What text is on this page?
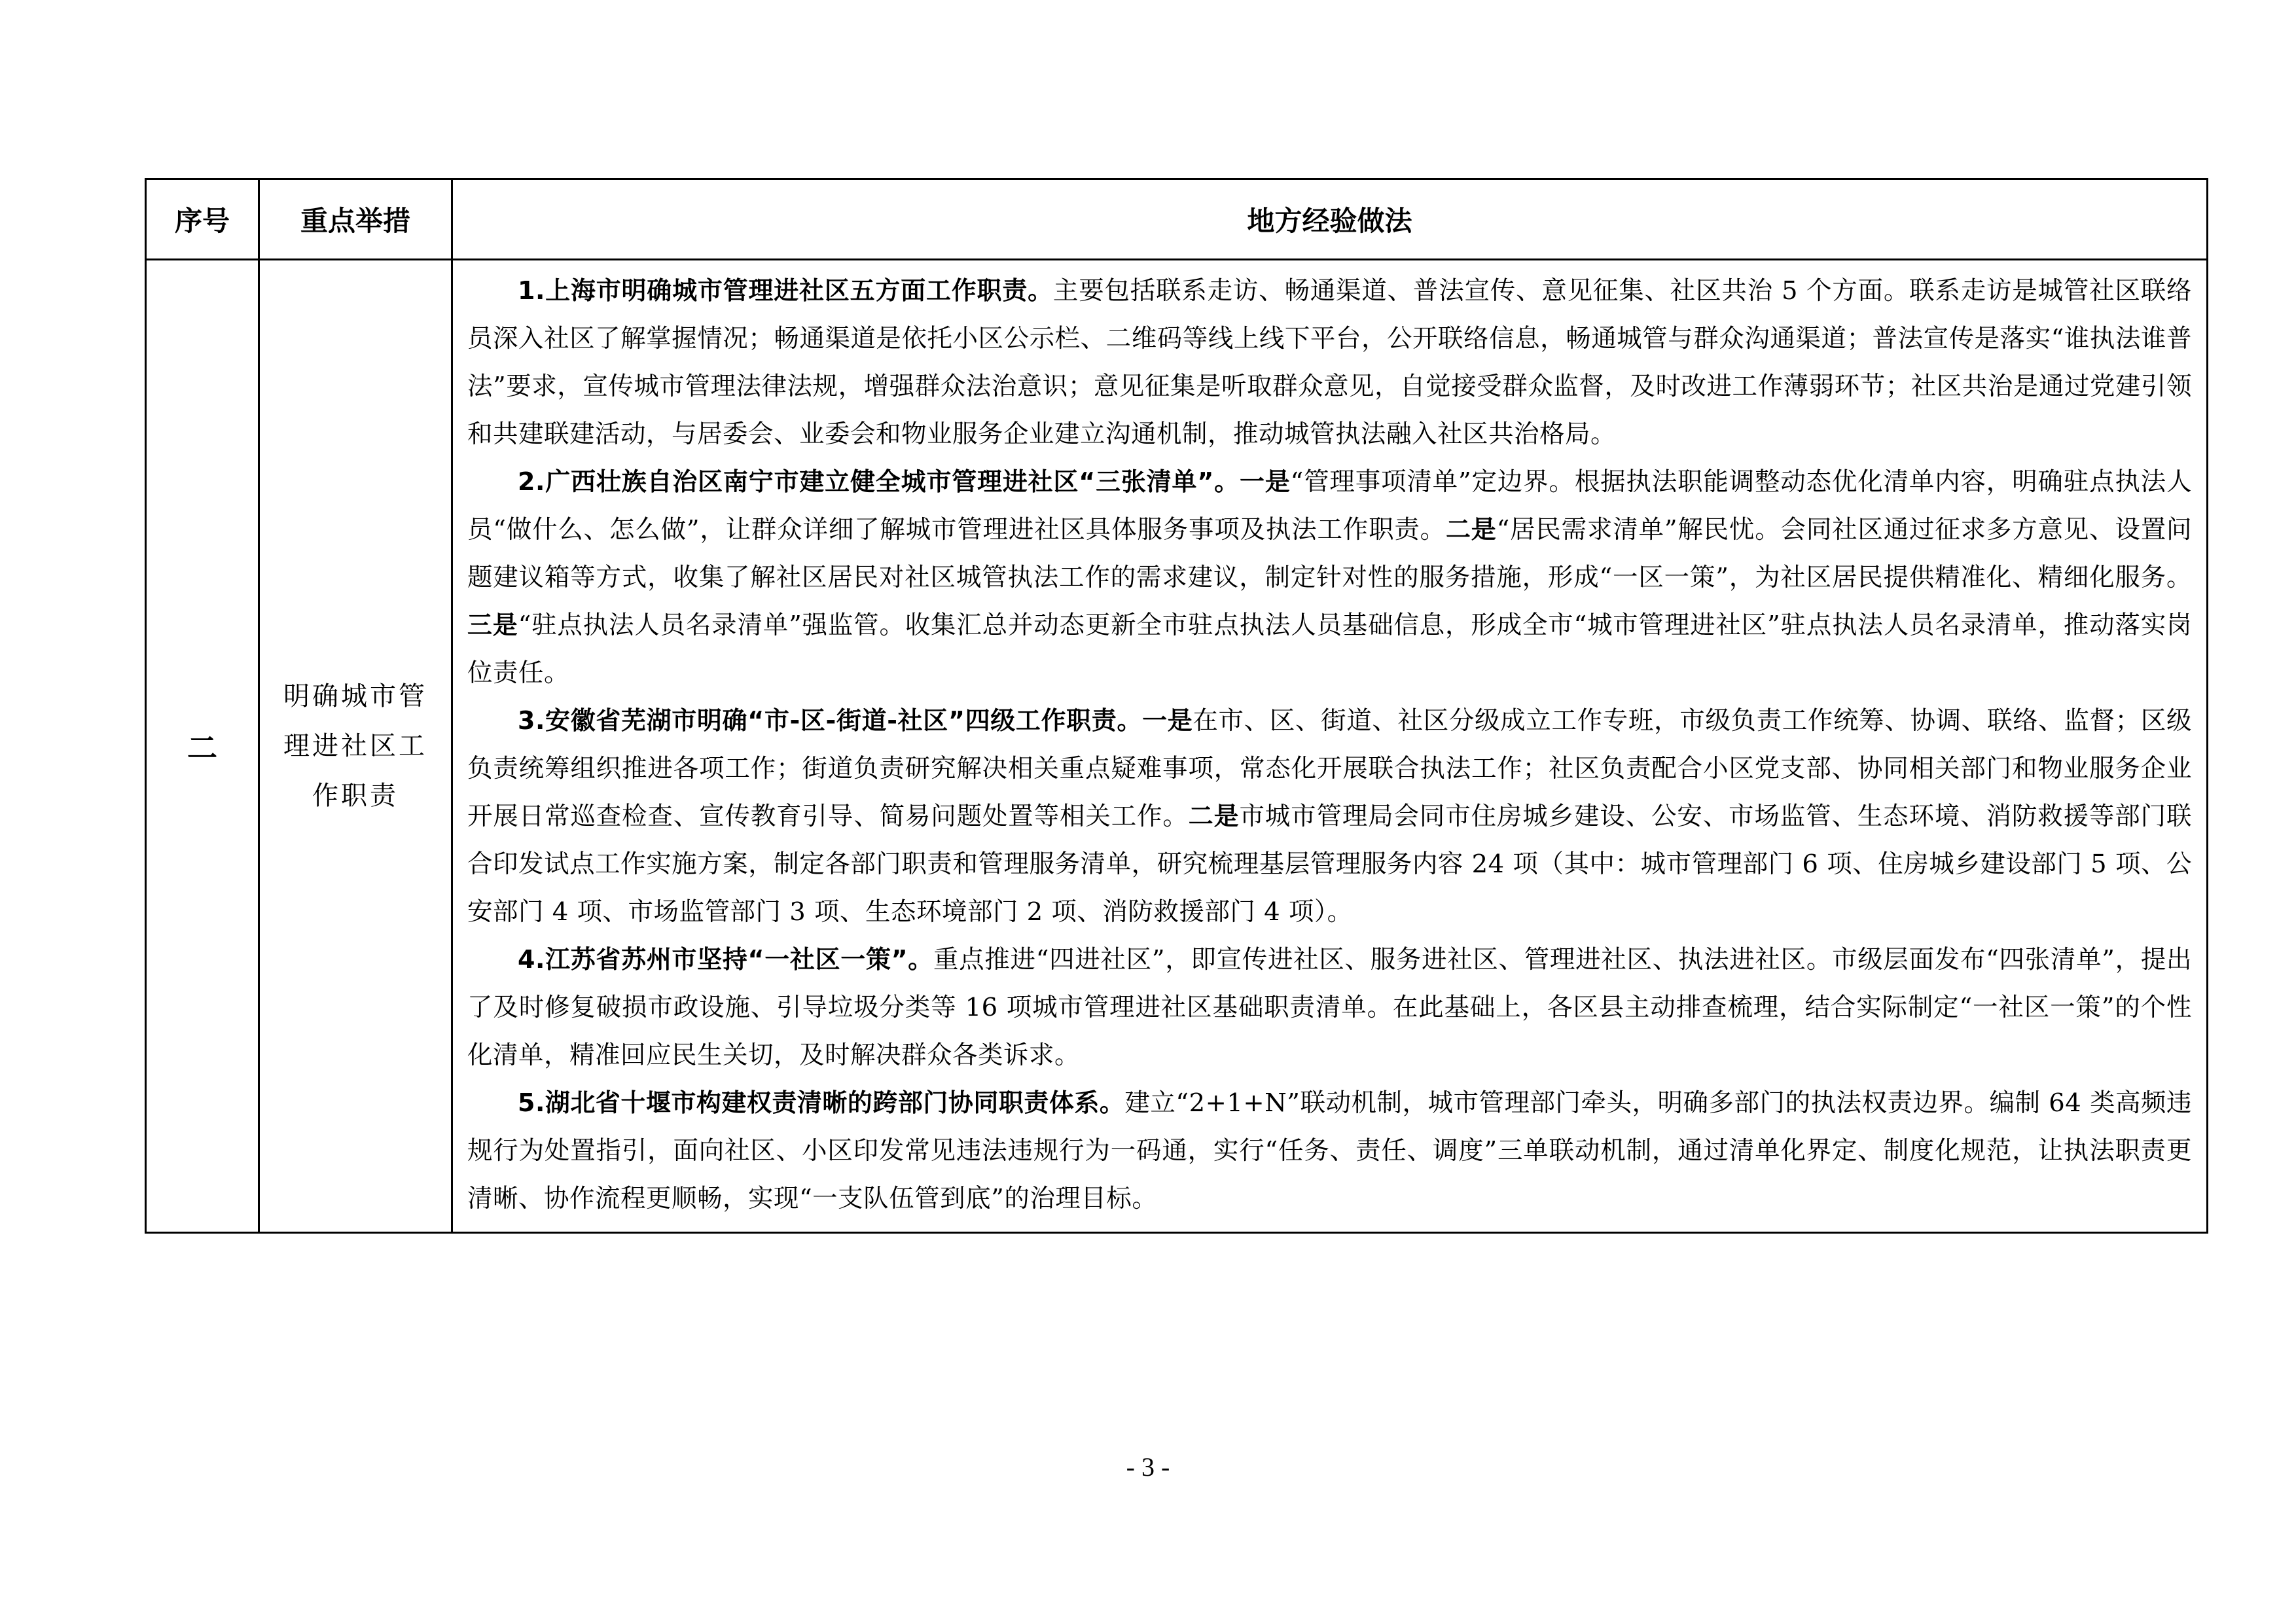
序号	重点举措	地方经验做法
二	明确城市管理进社区工作职责	1.上海市明确城市管理进社区五方面工作职责。主要包括联系走访、畅通渠道、普法宣传、意见征集、社区共治 5 个方面。联系走访是城管社区联络员深入社区了解掌握情况；畅通渠道是依托小区公示栏、二维码等线上线下平台，公开联络信息，畅通城管与群众沟通渠道；普法宣传是落实“谁执法谁普法”要求，宣传城市管理法律法规，增强群众法治意识；意见征集是听取群众意见，自觉接受群众监督，及时改进工作薄弱环节；社区共治是通过党建引领和共建联建活动，与居委会、业委会和物业服务企业建立沟通机制，推动城管执法融入社区共治格局。

2.广西壮族自治区南宁市建立健全城市管理进社区“三张清单”。一是“管理事项清单”定边界。根据执法职能调整动态优化清单内容，明确驻点执法人员“做什么、怎么做”，让群众详细了解城市管理进社区具体服务事项及执法工作职责。二是“居民需求清单”解民忧。会同社区通过征求多方意见、设置问题建议箱等方式，收集了解社区居民对社区城管执法工作的需求建议，制定针对性的服务措施，形成“一区一策”，为社区居民提供精准化、精细化服务。三是“驻点执法人员名录清单”强监管。收集汇总并动态更新全市驻点执法人员基础信息，形成全市“城市管理进社区”驻点执法人员名录清单，推动落实岗位责任。

3.安徽省芜湖市明确“市-区-街道-社区”四级工作职责。一是在市、区、街道、社区分级成立工作专班，市级负责工作统筹、协调、联络、监督；区级负责统筹组织推进各项工作；街道负责研究解决相关重点疑难事项，常态化开展联合执法工作；社区负责配合小区党支部、协同相关部门和物业服务企业开展日常巡查检查、宣传教育引导、简易问题处置等相关工作。二是市城市管理局会同市住房城乡建设、公安、市场监管、生态环境、消防救援等部门联合印发试点工作实施方案，制定各部门职责和管理服务清单，研究梳理基层管理服务内容 24 项（其中：城市管理部门 6 项、住房城乡建设部门 5 项、公安部门 4 项、市场监管部门 3 项、生态环境部门 2 项、消防救援部门 4 项）。

4.江苏省苏州市坚持“一社区一策”。重点推进“四进社区”，即宣传进社区、服务进社区、管理进社区、执法进社区。市级层面发布“四张清单”，提出了及时修复破损市政设施、引导垃圾分类等 16 项城市管理进社区基础职责清单。在此基础上，各区县主动排查梳理，结合实际制定“一社区一策”的个性化清单，精准回应民生关切，及时解决群众各类诉求。

5.湖北省十堰市构建权责清晰的跨部门协同职责体系。建立“2+1+N”联动机制，城市管理部门牵头，明确多部门的执法权责边界。编制 64 类高频违规行为处置指引，面向社区、小区印发常见违法违规行为一码通，实行“任务、责任、调度”三单联动机制，通过清单化界定、制度化规范，让执法职责更清晰、协作流程更顺畅，实现“一支队伍管到底”的治理目标。

- 3 -
